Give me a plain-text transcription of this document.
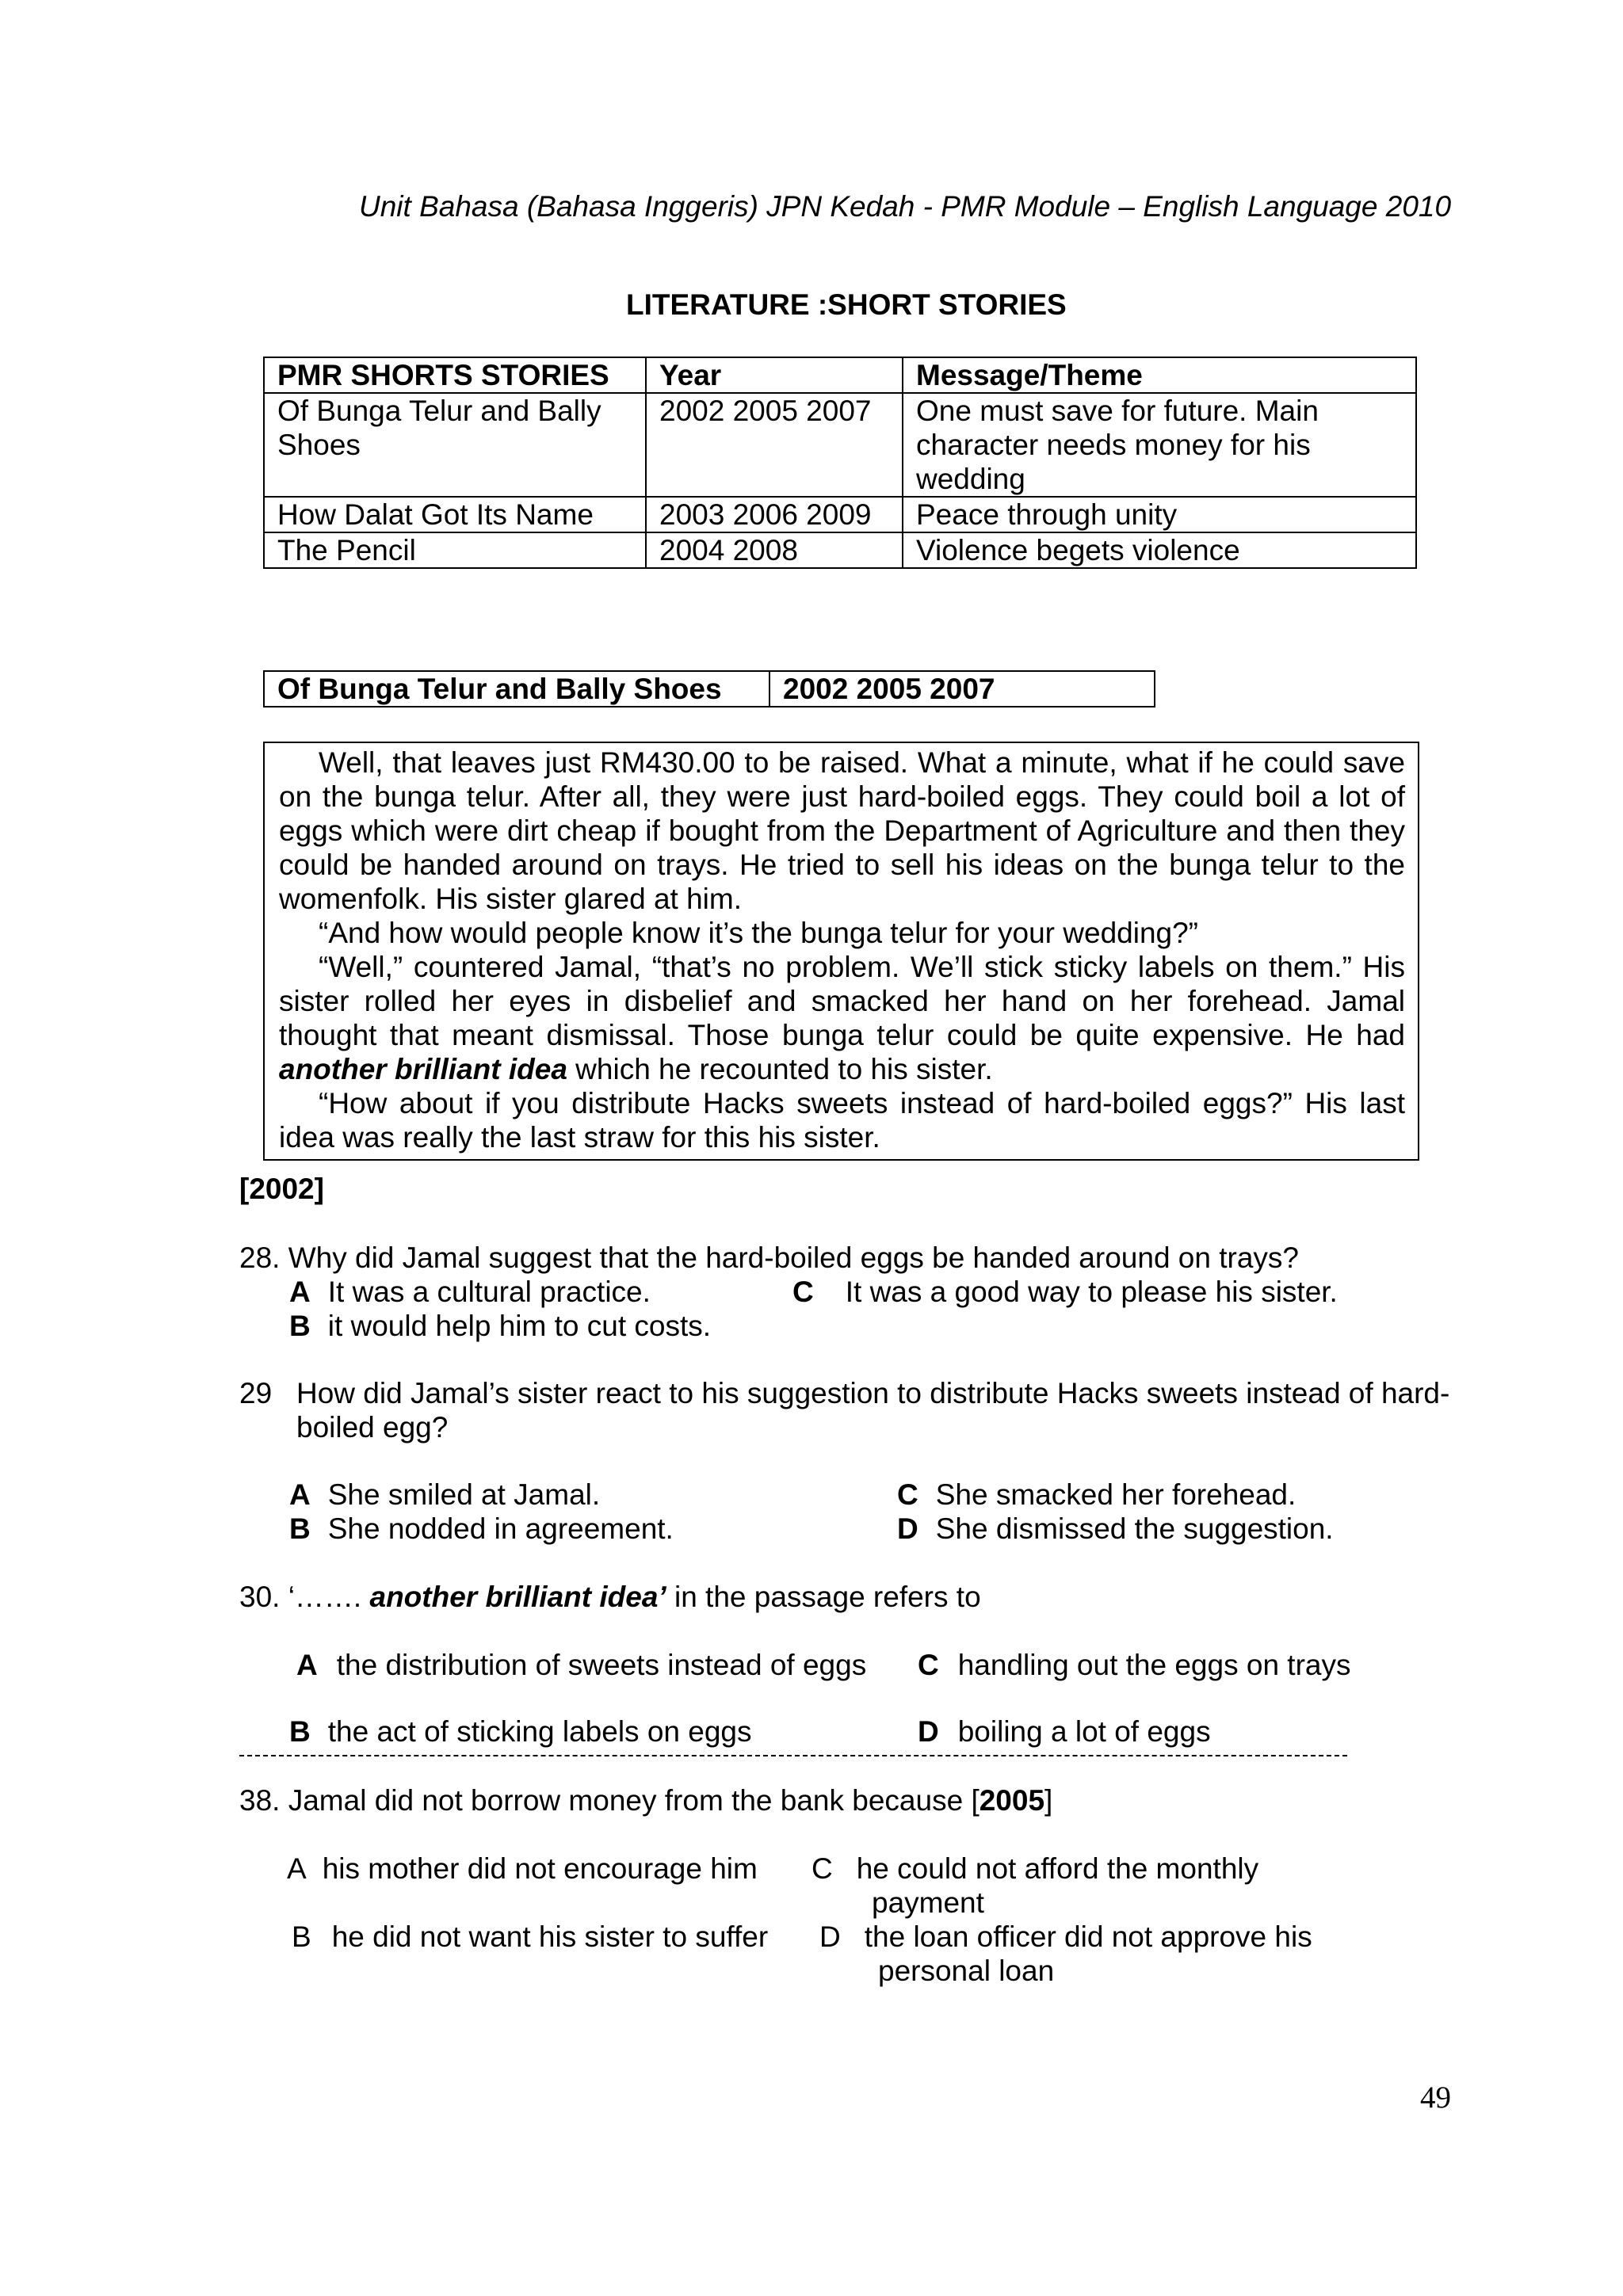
Unit Bahasa (Bahasa Inggeris) JPN Kedah - PMR Module – English Language 2010
LITERATURE :SHORT STORIES
PMR SHORTS STORIES	Year	Message/Theme
Of Bunga Telur and Bally Shoes	2002 2005 2007	One must save for future. Main character needs money for his wedding
How Dalat Got Its Name	2003 2006 2009	Peace through unity
The Pencil	2004 2008	Violence begets violence
Of Bunga Telur and Bally Shoes	2002 2005 2007

Well, that leaves just RM430.00 to be raised. What a minute, what if he could save on the bunga telur. After all, they were just hard-boiled eggs. They could boil a lot of eggs which were dirt cheap if bought from the Department of Agriculture and then they could be handed around on trays. He tried to sell his ideas on the bunga telur to the womenfolk. His sister glared at him.

“And how would people know it’s the bunga telur for your wedding?”

“Well,” countered Jamal, “that’s no problem. We’ll stick sticky labels on them.” His sister rolled her eyes in disbelief and smacked her hand on her forehead. Jamal thought that meant dismissal. Those bunga telur could be quite expensive. He had another brilliant idea which he recounted to his sister.

“How about if you distribute Hacks sweets instead of hard-boiled eggs?” His last idea was really the last straw for this his sister.

[2002]
28. Why did Jamal suggest that the hard-boiled eggs be handed around on trays?
A It was a cultural practice.	C It was a good way to please his sister.
B it would help him to cut costs.
29 How did Jamal’s sister react to his suggestion to distribute Hacks sweets instead of hard-
boiled egg?
A She smiled at Jamal.	C She smacked her forehead.
B She nodded in agreement.	D She dismissed the suggestion.
30. ‘……. another brilliant idea’ in the passage refers to
A the distribution of sweets instead of eggs C handling out the eggs on trays
B the act of sticking labels on eggs	D boiling a lot of eggs
38. Jamal did not borrow money from the bank because [2005]
A his mother did not encourage him C he could not afford the monthly
payment
B he did not want his sister to suffer D the loan officer did not approve his
personal loan
49
